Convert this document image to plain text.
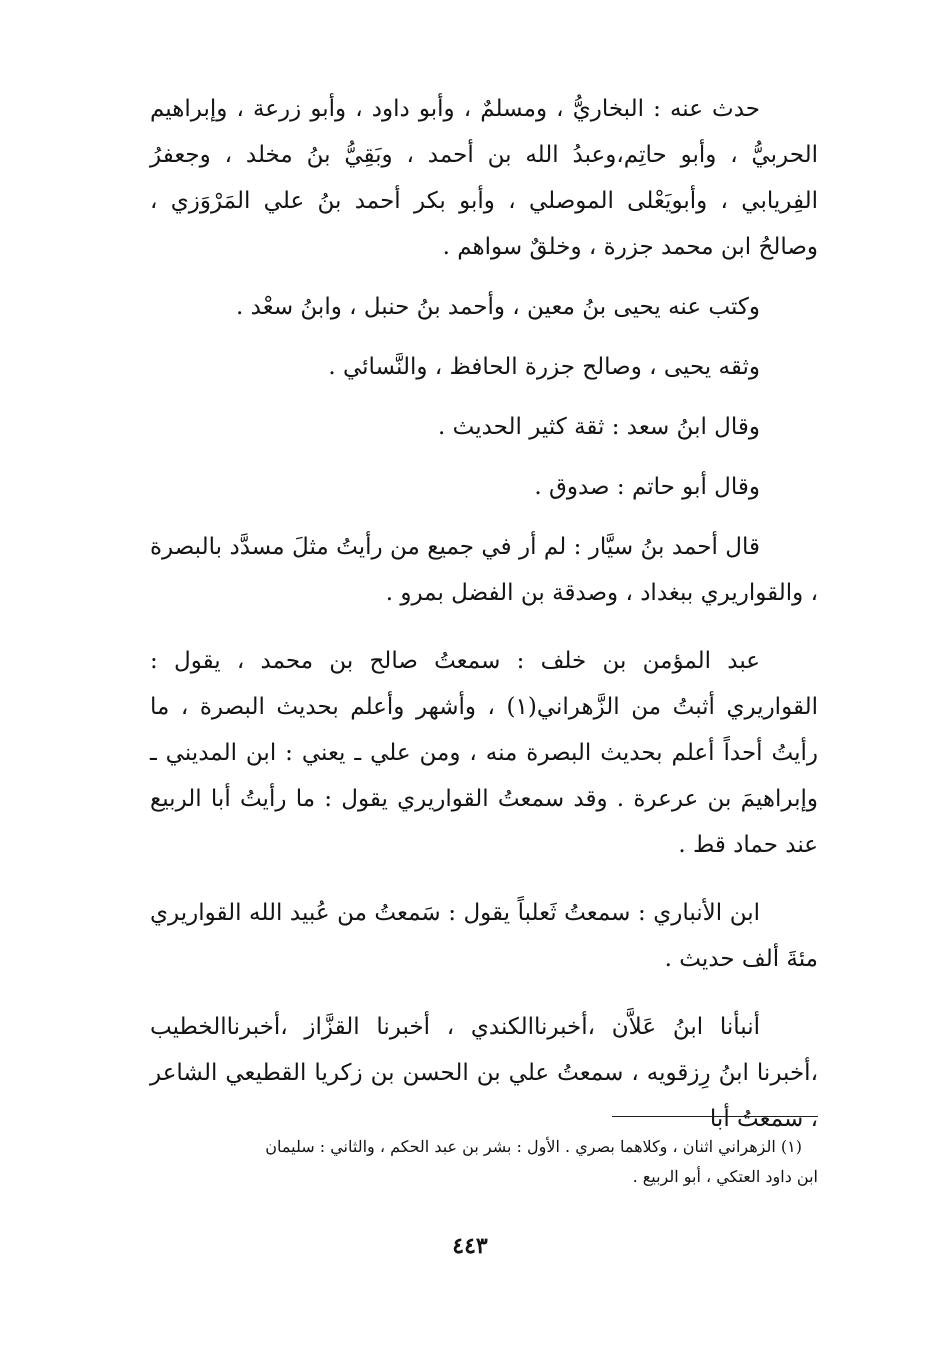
حدث عنه : البخاريُّ ، ومسلمٌ ، وأبو داود ، وأبو زرعة ، وإبراهيم الحربيُّ ، وأبو حاتِم،وعبدُ الله بن أحمد ، وبَقِيُّ بنُ مخلد ، وجعفرُ الفِريابي ، وأبويَعْلى الموصلي ، وأبو بكر أحمد بنُ علي المَرْوَزي ، وصالحُ ابن محمد جزرة ، وخلقٌ سواهم .

وكتب عنه يحيى بنُ معين ، وأحمد بنُ حنبل ، وابنُ سعْد .

وثقه يحيى ، وصالح جزرة الحافظ ، والنَّسائي .

وقال ابنُ سعد : ثقة كثير الحديث .

وقال أبو حاتم : صدوق .

قال أحمد بنُ سيَّار : لم أر في جميع من رأيتُ مثلَ مسدَّد بالبصرة ، والقواريري ببغداد ، وصدقة بن الفضل بمرو .

عبد المؤمن بن خلف : سمعتُ صالح بن محمد ، يقول : القواريري أثبتُ من الزَّهراني(١) ، وأشهر وأعلم بحديث البصرة ، ما رأيتُ أحداً أعلم بحديث البصرة منه ، ومن علي ـ يعني : ابن المديني ـ وإبراهيمَ بن عرعرة . وقد سمعتُ القواريري يقول : ما رأيتُ أبا الربيع عند حماد قط .

ابن الأنباري : سمعتُ ثَعلباً يقول : سَمعتُ من عُبيد الله القواريري مئةَ ألف حديث .

أنبأنا ابنُ عَلاَّن ،أخبرناالكندي ، أخبرنا القزَّاز ،أخبرناالخطيب ،أخبرنا ابنُ رِزقويه ، سمعتُ علي بن الحسن بن زكريا القطيعي الشاعر ، سمعتُ أبا

(١) الزهراني اثنان ، وكلاهما بصري . الأول : بشر بن عبد الحكم ، والثاني : سليمان

ابن داود العتكي ، أبو الربيع .

٤٤٣
